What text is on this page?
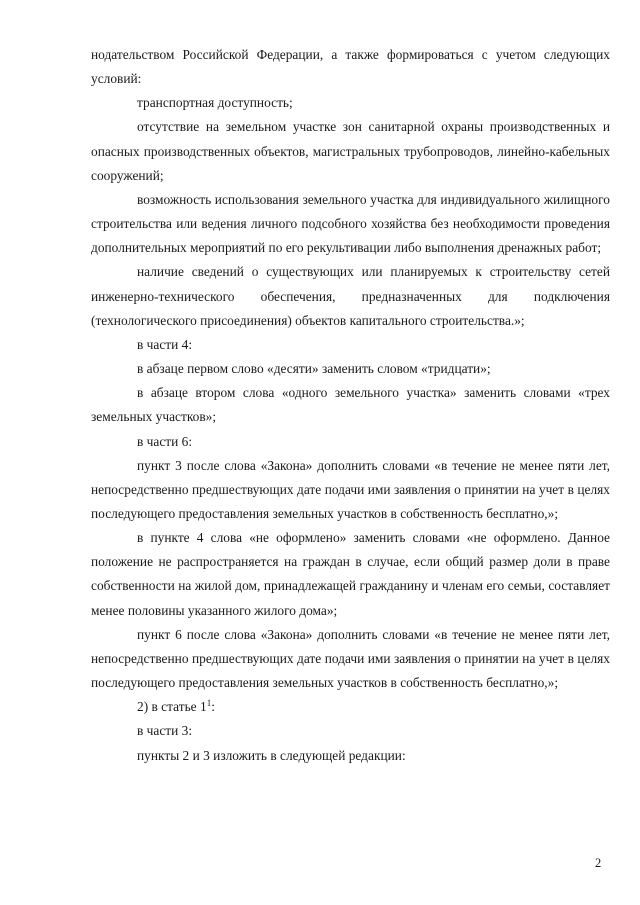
нодательством Российской Федерации, а также формироваться с учетом следующих условий:

транспортная доступность;

отсутствие на земельном участке зон санитарной охраны производственных и опасных производственных объектов, магистральных трубопроводов, линейно-кабельных сооружений;

возможность использования земельного участка для индивидуального жилищного строительства или ведения личного подсобного хозяйства без необходимости проведения дополнительных мероприятий по его рекультивации либо выполнения дренажных работ;

наличие сведений о существующих или планируемых к строительству сетей инженерно-технического обеспечения, предназначенных для подключения (технологического присоединения) объектов капитального строительства.»;

в части 4:

в абзаце первом слово «десяти» заменить словом «тридцати»;

в абзаце втором слова «одного земельного участка» заменить словами «трех земельных участков»;

в части 6:

пункт 3 после слова «Закона» дополнить словами «в течение не менее пяти лет, непосредственно предшествующих дате подачи ими заявления о принятии на учет в целях последующего предоставления земельных участков в собственность бесплатно,»;

в пункте 4 слова «не оформлено» заменить словами «не оформлено. Данное положение не распространяется на граждан в случае, если общий размер доли в праве собственности на жилой дом, принадлежащей гражданину и членам его семьи, составляет менее половины указанного жилого дома»;

пункт 6 после слова «Закона» дополнить словами «в течение не менее пяти лет, непосредственно предшествующих дате подачи ими заявления о принятии на учет в целях последующего предоставления земельных участков в собственность бесплатно,»;

2) в статье $1^1$:

в части 3:

пункты 2 и 3 изложить в следующей редакции:

2
